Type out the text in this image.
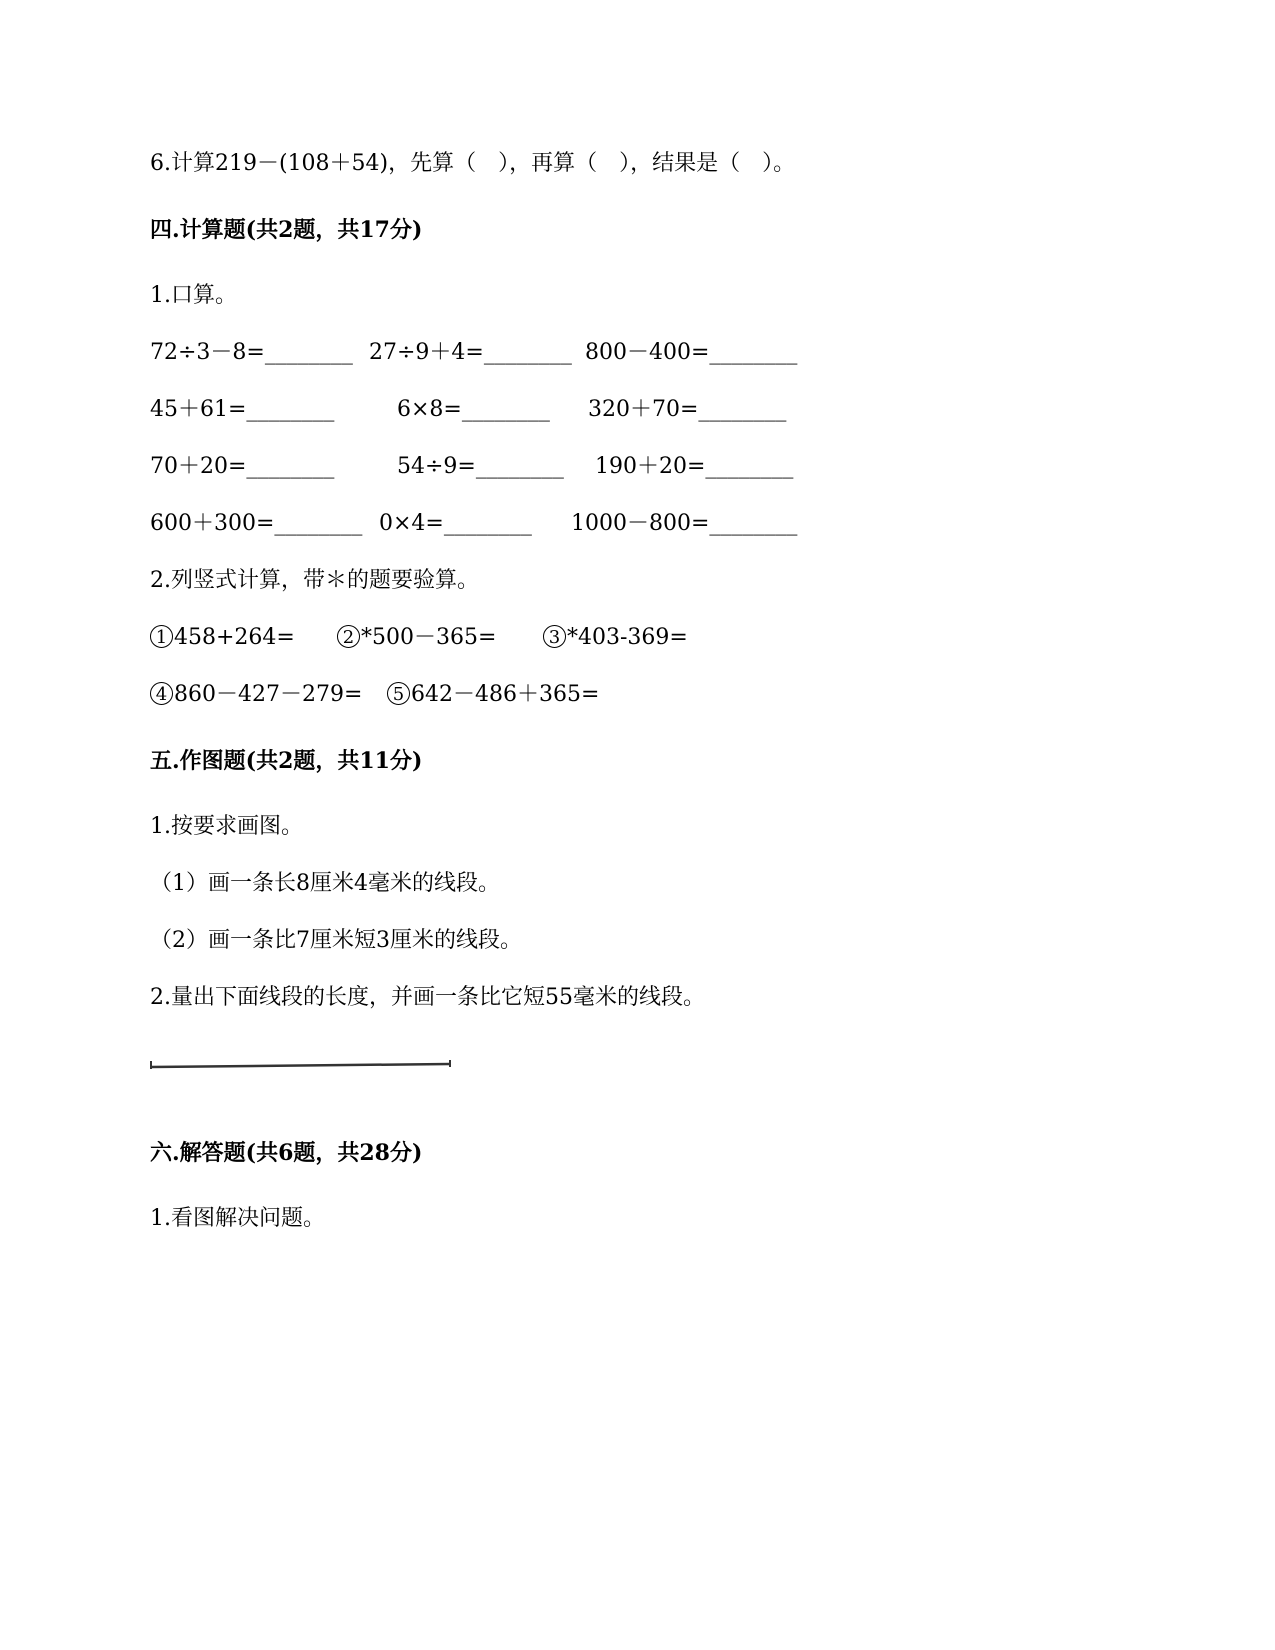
6.计算219－(108＋54)，先算（　），再算（　），结果是（　）。
四.计算题(共2题，共17分)
1.口算。
72÷3－8=________ 27÷9＋4=________ 800－400=________
45＋61=________	6×8=________ 320＋70=________
70＋20=________	54÷9=________ 190＋20=________
600＋300=________ 0×4=________ 1000－800=________
2.列竖式计算，带＊的题要验算。
1 458+264=	2 *500－365=	3 *403-369=
4 860－427－279=	5 642－486＋365=
五.作图题(共2题，共11分)
1.按要求画图。
（1）画一条长8厘米4毫米的线段。
（2）画一条比7厘米短3厘米的线段。
2.量出下面线段的长度，并画一条比它短55毫米的线段。
六.解答题(共6题，共28分)
1.看图解决问题。
